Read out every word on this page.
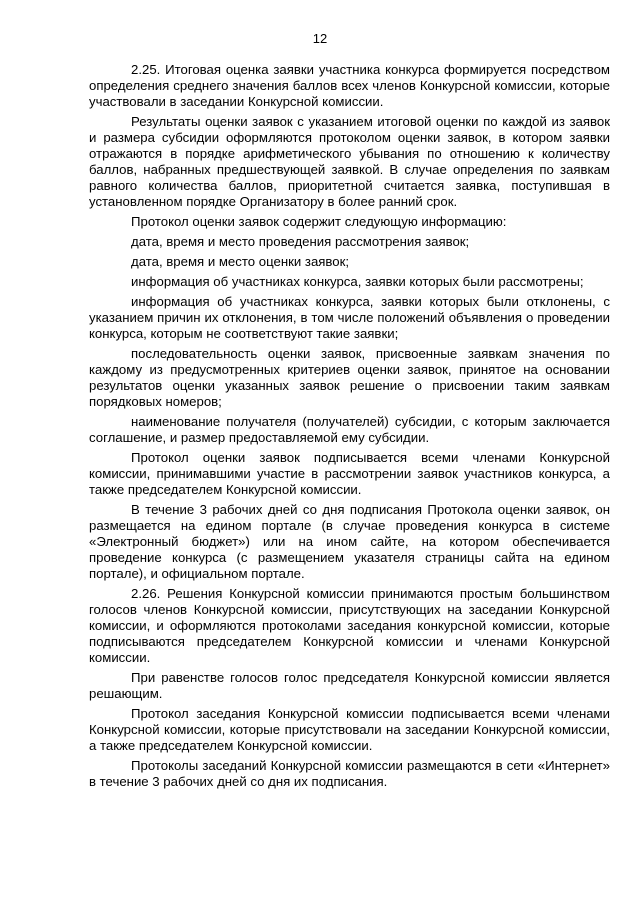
12

2.25. Итоговая оценка заявки участника конкурса формируется посредством определения среднего значения баллов всех членов Конкурсной комиссии, которые участвовали в заседании Конкурсной комиссии.

Результаты оценки заявок с указанием итоговой оценки по каждой из заявок и размера субсидии оформляются протоколом оценки заявок, в котором заявки отражаются в порядке арифметического убывания по отношению к количеству баллов, набранных предшествующей заявкой. В случае определения по заявкам равного количества баллов, приоритетной считается заявка, поступившая в установленном порядке Организатору в более ранний срок.

Протокол оценки заявок содержит следующую информацию:

дата, время и место проведения рассмотрения заявок;

дата, время и место оценки заявок;

информация об участниках конкурса, заявки которых были рассмотрены;

информация об участниках конкурса, заявки которых были отклонены, с указанием причин их отклонения, в том числе положений объявления о проведении конкурса, которым не соответствуют такие заявки;

последовательность оценки заявок, присвоенные заявкам значения по каждому из предусмотренных критериев оценки заявок, принятое на основании результатов оценки указанных заявок решение о присвоении таким заявкам порядковых номеров;

наименование получателя (получателей) субсидии, с которым заключается соглашение, и размер предоставляемой ему субсидии.

Протокол оценки заявок подписывается всеми членами Конкурсной комиссии, принимавшими участие в рассмотрении заявок участников конкурса, а также председателем Конкурсной комиссии.

В течение 3 рабочих дней со дня подписания Протокола оценки заявок, он размещается на едином портале (в случае проведения конкурса в системе «Электронный бюджет») или на ином сайте, на котором обеспечивается проведение конкурса (с размещением указателя страницы сайта на едином портале), и официальном портале.

2.26. Решения Конкурсной комиссии принимаются простым большинством голосов членов Конкурсной комиссии, присутствующих на заседании Конкурсной комиссии, и оформляются протоколами заседания конкурсной комиссии, которые подписываются председателем Конкурсной комиссии и членами Конкурсной комиссии.

При равенстве голосов голос председателя Конкурсной комиссии является решающим.

Протокол заседания Конкурсной комиссии подписывается всеми членами Конкурсной комиссии, которые присутствовали на заседании Конкурсной комиссии, а также председателем Конкурсной комиссии.

Протоколы заседаний Конкурсной комиссии размещаются в сети «Интернет» в течение 3 рабочих дней со дня их подписания.
